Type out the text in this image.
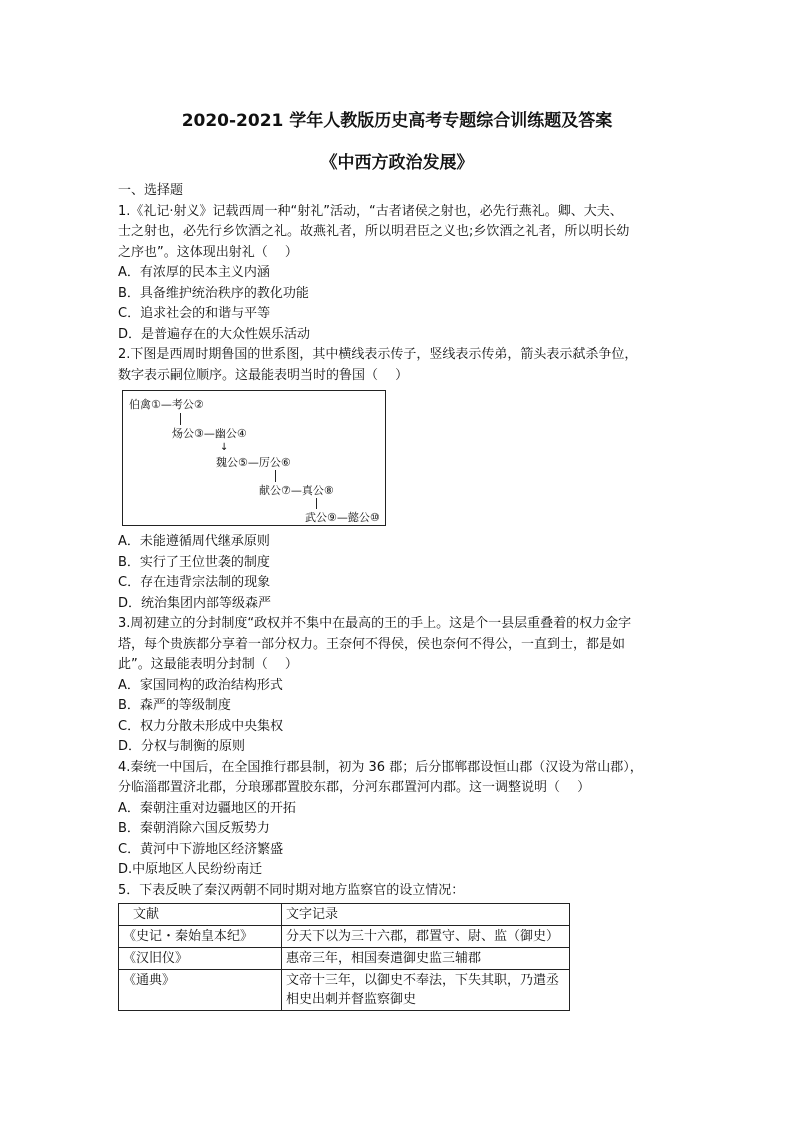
2020-2021 学年人教版历史高考专题综合训练题及答案
《中西方政治发展》
一、选择题
1.《礼记·射义》记载西周一种“射礼”活动，“古者诸侯之射也，必先行燕礼。卿、大夫、
士之射也，必先行乡饮酒之礼。故燕礼者，所以明君臣之义也;乡饮酒之礼者，所以明长幼
之序也”。这体现出射礼（　 ）
A．有浓厚的民本主义内涵
B．具备维护统治秩序的教化功能
C．追求社会的和谐与平等
D．是普遍存在的大众性娱乐活动
2.下图是西周时期鲁国的世系图，其中横线表示传子，竖线表示传弟，箭头表示弑杀争位，
数字表示嗣位顺序。这最能表明当时的鲁国（　 ）
伯禽①—考公②
炀公③—幽公④
↓
魏公⑤—厉公⑥
献公⑦—真公⑧
武公⑨—懿公⑩
A．未能遵循周代继承原则
B．实行了王位世袭的制度
C．存在违背宗法制的现象
D．统治集团内部等级森严
3.周初建立的分封制度“政权并不集中在最高的王的手上。这是个一县层重叠着的权力金字
塔，每个贵族都分享着一部分权力。王奈何不得侯，侯也奈何不得公，一直到士，都是如
此”。这最能表明分封制（　 ）
A．家国同构的政治结构形式
B．森严的等级制度
C．权力分散未形成中央集权
D．分权与制衡的原则
4.秦统一中国后，在全国推行郡县制，初为 36 郡；后分邯郸郡设恒山郡（汉设为常山郡），
分临淄郡置济北郡，分琅琊郡置胶东郡，分河东郡置河内郡。这一调整说明（　 ）
A．秦朝注重对边疆地区的开拓
B．秦朝消除六国反叛势力
C．黄河中下游地区经济繁盛
D.中原地区人民纷纷南迁
5．下表反映了秦汉两朝不同时期对地方监察官的设立情况：
文献	文字记录
《史记・秦始皇本纪》	分天下以为三十六郡，郡置守、尉、监（御史）
《汉旧仪》	惠帝三年，相国奏遣御史监三辅郡
《通典》	文帝十三年，以御史不奉法，下失其职，乃遣丞相史出刺并督监察御史
